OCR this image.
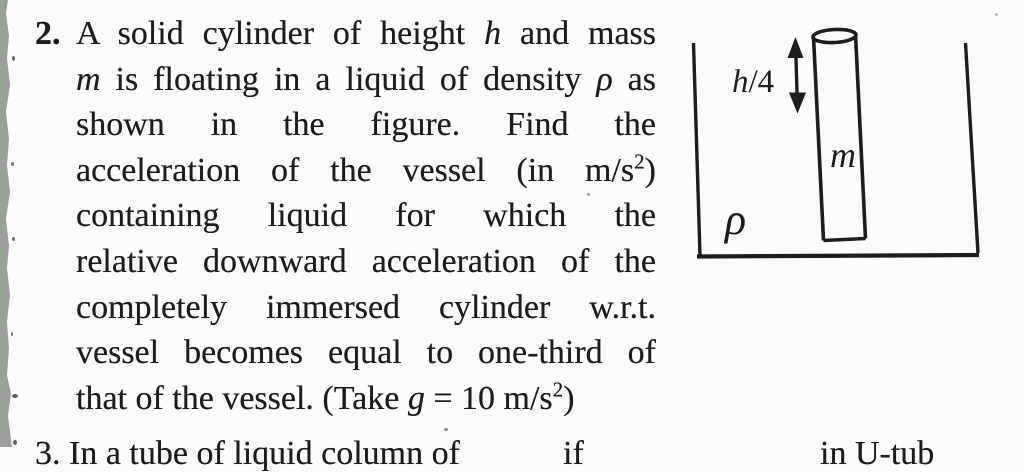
2. A solid cylinder of height h and mass
m is floating in a liquid of density ρ as
shown in the figure. Find the
acceleration of the vessel (in $m/s^2$)
containing liquid for which the
relative downward acceleration of the
completely immersed cylinder w.r.t.
vessel becomes equal to one-third of
that of the vessel. (Take g = 10 $m/s^2$)
h/4
m
ρ
3. In a tube of liquid column of	if	in U-tub
